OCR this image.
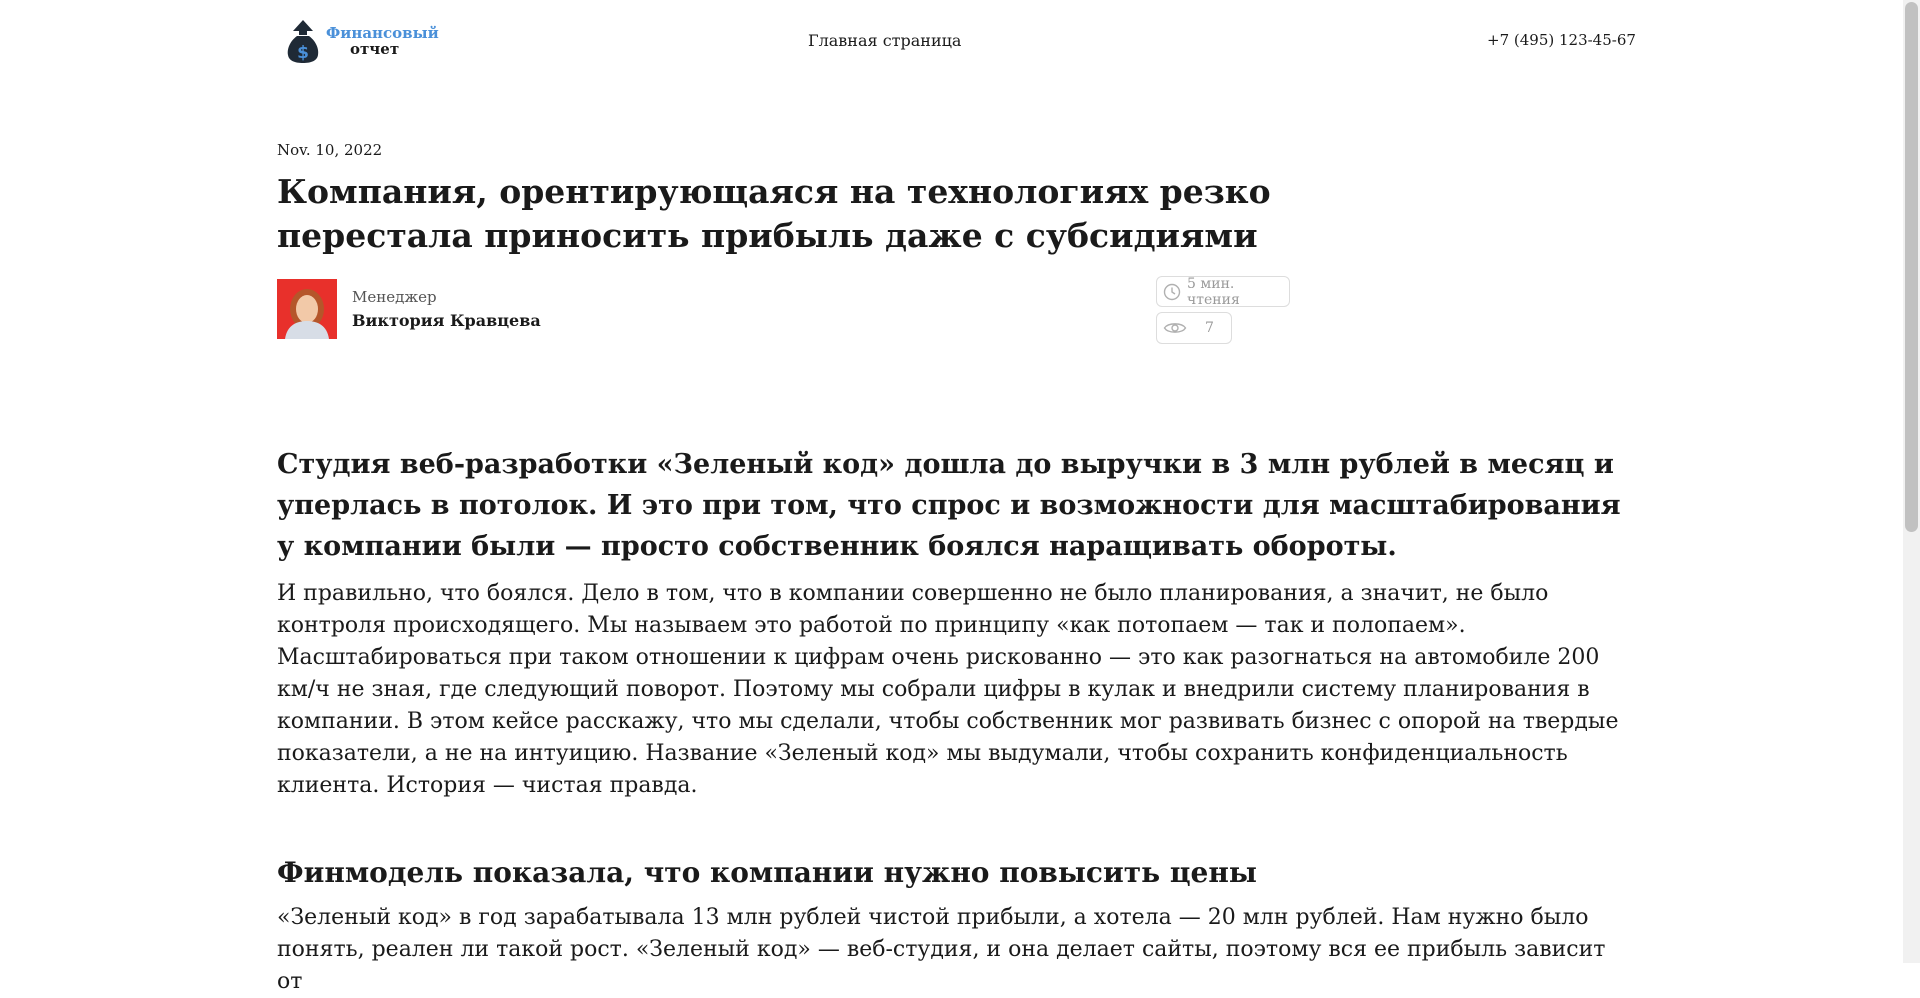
$
Финансовый
отчет	Главная страница	+7 (495) 123-45-67
Nov. 10, 2022
Компания, орентирующаяся на технологиях резко перестала приносить прибыль даже с субсидиями
Менеджер
Виктория Кравцева
5 мин. чтения
7

Студия веб-разработки «Зеленый код» дошла до выручки в 3 млн рублей в месяц и уперлась в потолок. И это при том, что спрос и возможности для масштабирования у компании были — просто собственник боялся наращивать обороты.

И правильно, что боялся. Дело в том, что в компании совершенно не было планирования, а значит, не было контроля происходящего. Мы называем это работой по принципу «как потопаем — так и полопаем». Масштабироваться при таком отношении к цифрам очень рискованно — это как разогнаться на автомобиле 200 км/ч не зная, где следующий поворот. Поэтому мы собрали цифры в кулак и внедрили систему планирования в компании. В этом кейсе расскажу, что мы сделали, чтобы собственник мог развивать бизнес с опорой на твердые показатели, а не на интуицию. Название «Зеленый код» мы выдумали, чтобы сохранить конфиденциальность клиента. История — чистая правда.

Финмодель показала, что компании нужно повысить цены

«Зеленый код» в год зарабатывала 13 млн рублей чистой прибыли, а хотела — 20 млн рублей. Нам нужно было понять, реален ли такой рост. «Зеленый код» — веб-студия, и она делает сайты, поэтому вся ее прибыль зависит от
